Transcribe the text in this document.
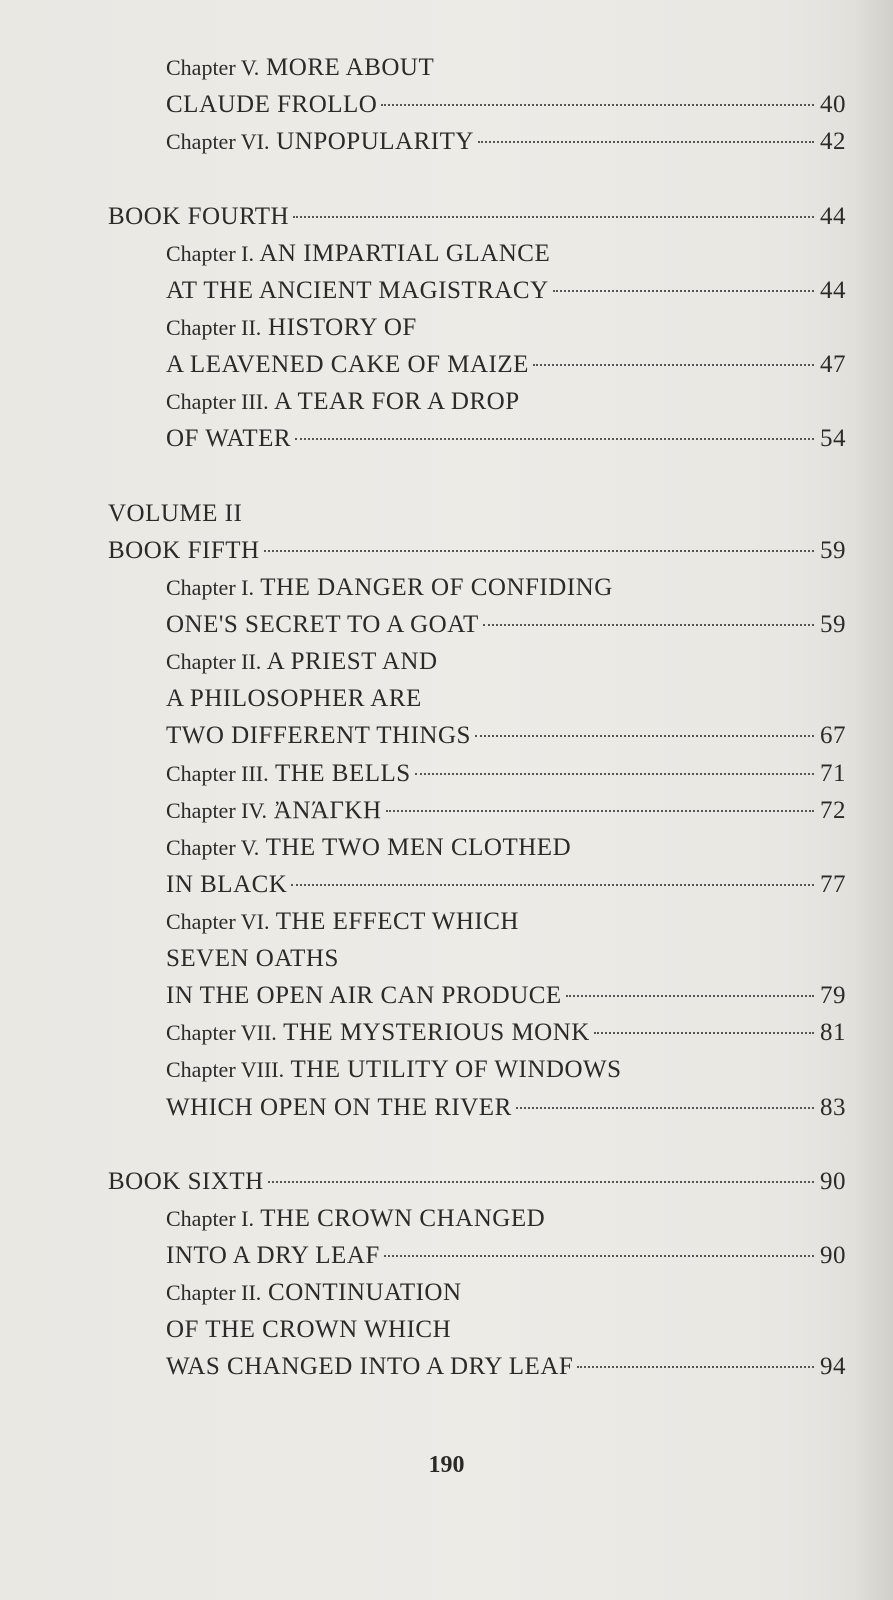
Chapter V. MORE ABOUT
CLAUDE FROLLO	40
Chapter VI. UNPOPULARITY	42
BOOK FOURTH	44
Chapter I. AN IMPARTIAL GLANCE
AT THE ANCIENT MAGISTRACY	44
Chapter II. HISTORY OF
A LEAVENED CAKE OF MAIZE	47
Chapter III. A TEAR FOR A DROP
OF WATER	54
VOLUME II
BOOK FIFTH	59
Chapter I. THE DANGER OF CONFIDING
ONE'S SECRET TO A GOAT	59
Chapter II. A PRIEST AND
A PHILOSOPHER ARE
TWO DIFFERENT THINGS	67
Chapter III. THE BELLS	71
Chapter IV. ἈΝΆΓΚΗ	72
Chapter V. THE TWO MEN CLOTHED
IN BLACK	77
Chapter VI. THE EFFECT WHICH
SEVEN OATHS
IN THE OPEN AIR CAN PRODUCE	79
Chapter VII. THE MYSTERIOUS MONK	81
Chapter VIII. THE UTILITY OF WINDOWS
WHICH OPEN ON THE RIVER	83
BOOK SIXTH	90
Chapter I. THE CROWN CHANGED
INTO A DRY LEAF	90
Chapter II. CONTINUATION
OF THE CROWN WHICH
WAS CHANGED INTO A DRY LEAF	94
190
